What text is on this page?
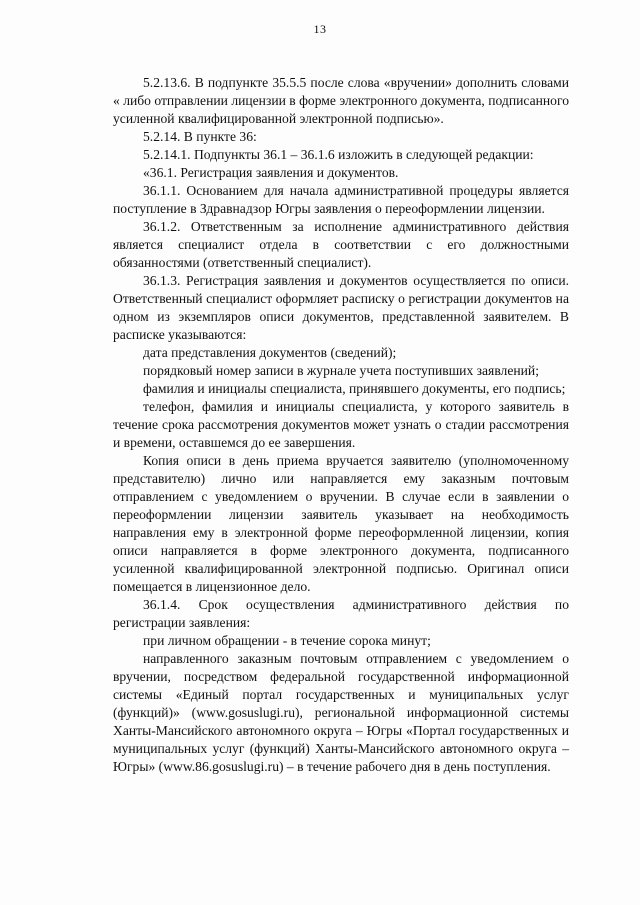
13

5.2.13.6. В подпункте 35.5.5 после слова «вручении» дополнить словами « либо отправлении лицензии в форме электронного документа, подписанного усиленной квалифицированной электронной подписью».

5.2.14. В пункте 36:

5.2.14.1. Подпункты 36.1 – 36.1.6 изложить в следующей редакции:

«36.1. Регистрация заявления и документов.

36.1.1. Основанием для начала административной процедуры является поступление в Здравнадзор Югры заявления о переоформлении лицензии.

36.1.2. Ответственным за исполнение административного действия является специалист отдела в соответствии с его должностными обязанностями (ответственный специалист).

36.1.3. Регистрация заявления и документов осуществляется по описи. Ответственный специалист оформляет расписку о регистрации документов на одном из экземпляров описи документов, представленной заявителем. В расписке указываются:

дата представления документов (сведений);

порядковый номер записи в журнале учета поступивших заявлений;

фамилия и инициалы специалиста, принявшего документы, его подпись;

телефон, фамилия и инициалы специалиста, у которого заявитель в течение срока рассмотрения документов может узнать о стадии рассмотрения и времени, оставшемся до ее завершения.

Копия описи в день приема вручается заявителю (уполномоченному представителю) лично или направляется ему заказным почтовым отправлением с уведомлением о вручении. В случае если в заявлении о переоформлении лицензии заявитель указывает на необходимость направления ему в электронной форме переоформленной лицензии, копия описи направляется в форме электронного документа, подписанного усиленной квалифицированной электронной подписью. Оригинал описи помещается в лицензионное дело.

36.1.4. Срок осуществления административного действия по регистрации заявления:

при личном обращении - в течение сорока минут;

направленного заказным почтовым отправлением с уведомлением о вручении, посредством федеральной государственной информационной системы «Единый портал государственных и муниципальных услуг (функций)» (www.gosuslugi.ru), региональной информационной системы Ханты-Мансийского автономного округа – Югры «Портал государственных и муниципальных услуг (функций) Ханты-Мансийского автономного округа – Югры» (www.86.gosuslugi.ru) – в течение рабочего дня в день поступления.
